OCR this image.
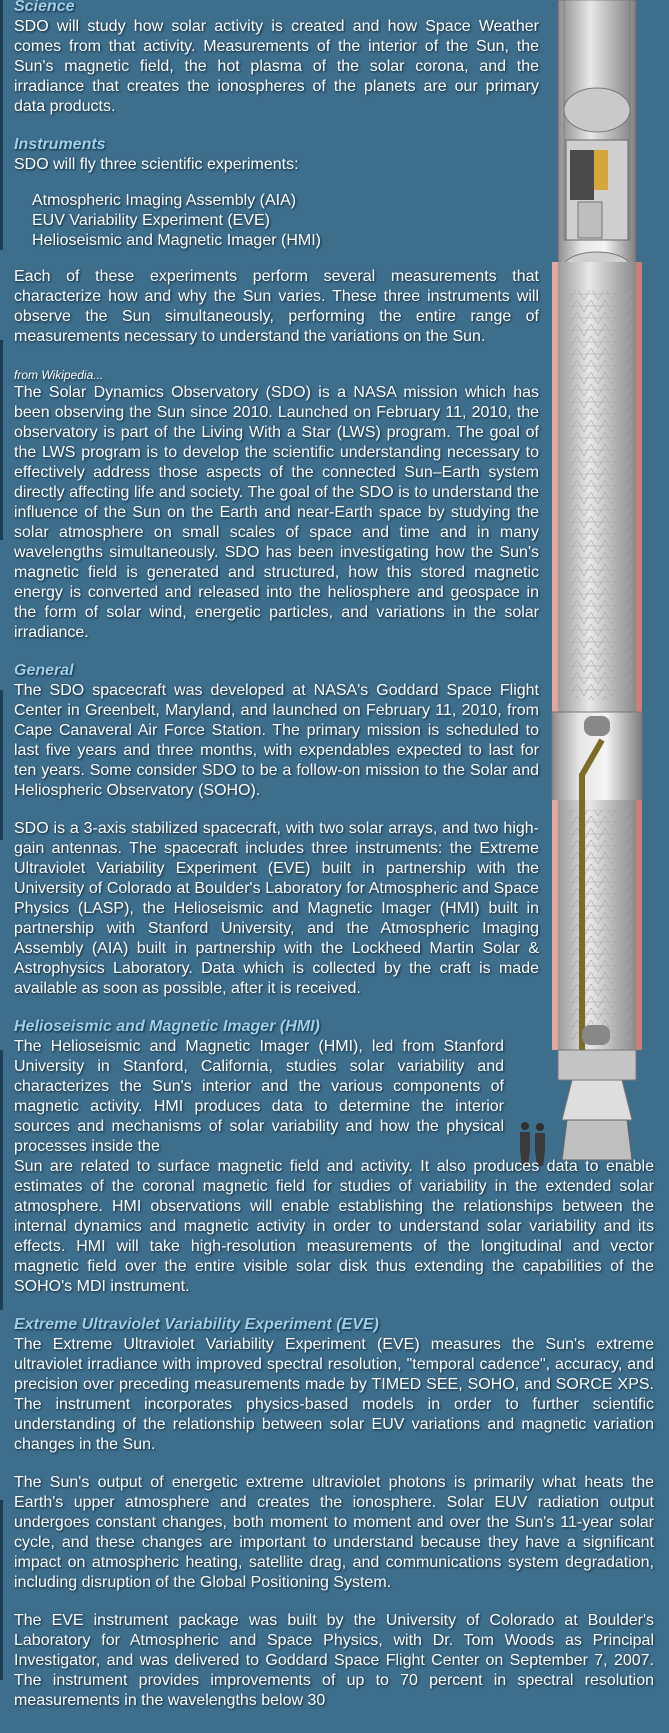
Science

SDO will study how solar activity is created and how Space Weather comes from that activity. Measurements of the interior of the Sun, the Sun's magnetic field, the hot plasma of the solar corona, and the irradiance that creates the ionospheres of the planets are our primary data products.

Instruments

SDO will fly three scientific experiments:

Atmospheric Imaging Assembly (AIA)
EUV Variability Experiment (EVE)
Helioseismic and Magnetic Imager (HMI)

Each of these experiments perform several measurements that characterize how and why the Sun varies. These three instruments will observe the Sun simultaneously, performing the entire range of measurements necessary to understand the variations on the Sun.

from Wikipedia...

The Solar Dynamics Observatory (SDO) is a NASA mission which has been observing the Sun since 2010. Launched on February 11, 2010, the observatory is part of the Living With a Star (LWS) program. The goal of the LWS program is to develop the scientific understanding necessary to effectively address those aspects of the connected Sun–Earth system directly affecting life and society. The goal of the SDO is to understand the influence of the Sun on the Earth and near-Earth space by studying the solar atmosphere on small scales of space and time and in many wavelengths simultaneously. SDO has been investigating how the Sun's magnetic field is generated and structured, how this stored magnetic energy is converted and released into the heliosphere and geospace in the form of solar wind, energetic particles, and variations in the solar irradiance.

General

The SDO spacecraft was developed at NASA's Goddard Space Flight Center in Greenbelt, Maryland, and launched on February 11, 2010, from Cape Canaveral Air Force Station. The primary mission is scheduled to last five years and three months, with expendables expected to last for ten years. Some consider SDO to be a follow-on mission to the Solar and Heliospheric Observatory (SOHO).

SDO is a 3-axis stabilized spacecraft, with two solar arrays, and two high-gain antennas. The spacecraft includes three instruments: the Extreme Ultraviolet Variability Experiment (EVE) built in partnership with the University of Colorado at Boulder's Laboratory for Atmospheric and Space Physics (LASP), the Helioseismic and Magnetic Imager (HMI) built in partnership with Stanford University, and the Atmospheric Imaging Assembly (AIA) built in partnership with the Lockheed Martin Solar & Astrophysics Laboratory. Data which is collected by the craft is made available as soon as possible, after it is received.

Helioseismic and Magnetic Imager (HMI)

The Helioseismic and Magnetic Imager (HMI), led from Stanford University in Stanford, California, studies solar variability and characterizes the Sun's interior and the various components of magnetic activity. HMI produces data to determine the interior sources and mechanisms of solar variability and how the physical processes inside the

Sun are related to surface magnetic field and activity. It also produces data to enable estimates of the coronal magnetic field for studies of variability in the extended solar atmosphere. HMI observations will enable establishing the relationships between the internal dynamics and magnetic activity in order to understand solar variability and its effects. HMI will take high-resolution measurements of the longitudinal and vector magnetic field over the entire visible solar disk thus extending the capabilities of the SOHO's MDI instrument.

Extreme Ultraviolet Variability Experiment (EVE)

The Extreme Ultraviolet Variability Experiment (EVE) measures the Sun's extreme ultraviolet irradiance with improved spectral resolution, "temporal cadence", accuracy, and precision over preceding measurements made by TIMED SEE, SOHO, and SORCE XPS. The instrument incorporates physics-based models in order to further scientific understanding of the relationship between solar EUV variations and magnetic variation changes in the Sun.

The Sun's output of energetic extreme ultraviolet photons is primarily what heats the Earth's upper atmosphere and creates the ionosphere. Solar EUV radiation output undergoes constant changes, both moment to moment and over the Sun's 11-year solar cycle, and these changes are important to understand because they have a significant impact on atmospheric heating, satellite drag, and communications system degradation, including disruption of the Global Positioning System.

The EVE instrument package was built by the University of Colorado at Boulder's Laboratory for Atmospheric and Space Physics, with Dr. Tom Woods as Principal Investigator, and was delivered to Goddard Space Flight Center on September 7, 2007. The instrument provides improvements of up to 70 percent in spectral resolution measurements in the wavelengths below 30
